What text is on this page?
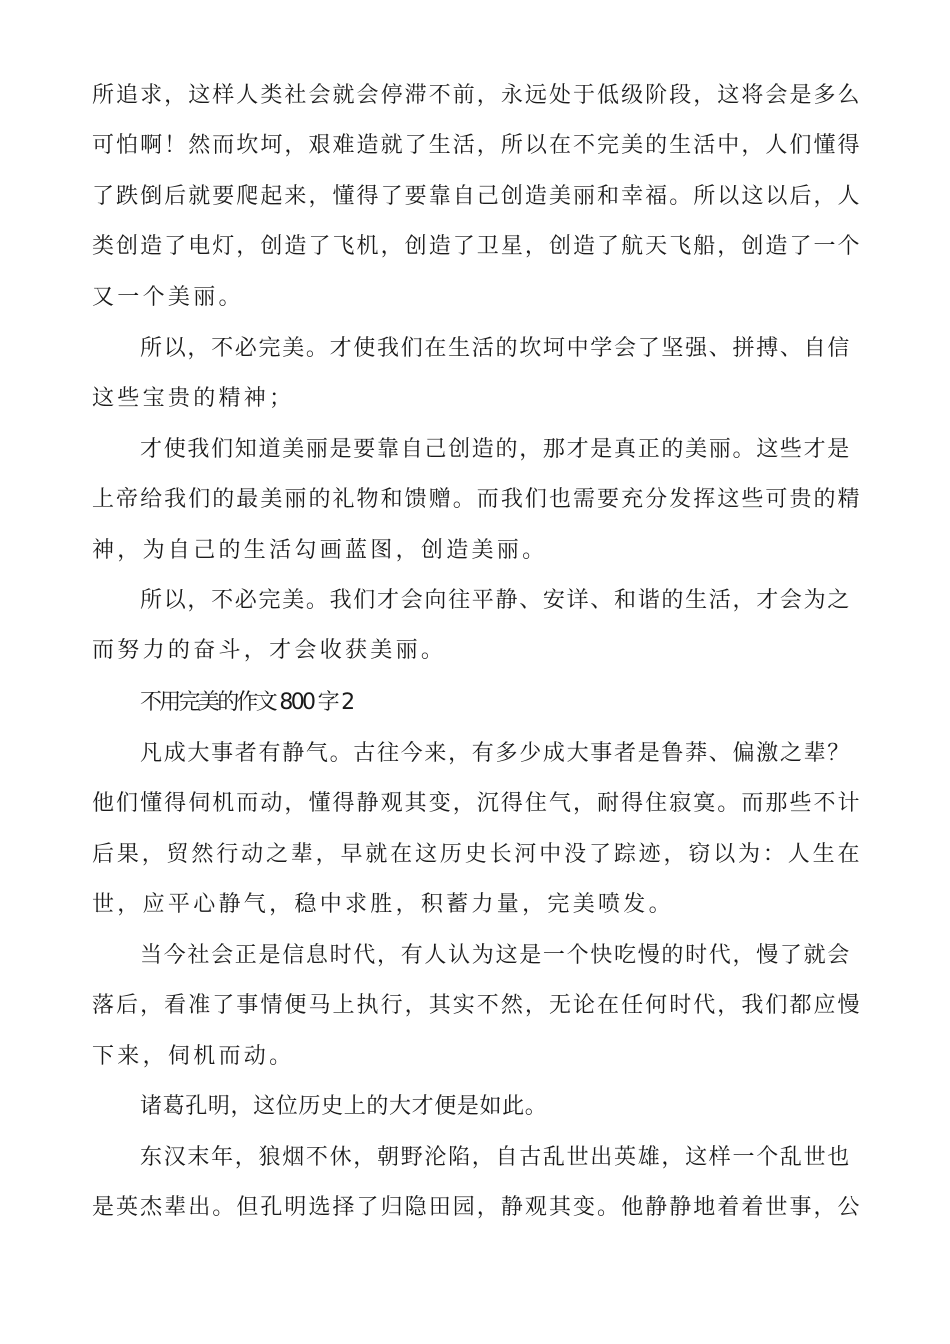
所追求，这样人类社会就会停滞不前，永远处于低级阶段，这将会是多么
可怕啊！然而坎坷，艰难造就了生活，所以在不完美的生活中，人们懂得
了跌倒后就要爬起来，懂得了要靠自己创造美丽和幸福。所以这以后，人
类创造了电灯，创造了飞机，创造了卫星，创造了航天飞船，创造了一个
又一个美丽。
所以，不必完美。才使我们在生活的坎坷中学会了坚强、拼搏、自信
这些宝贵的精神；
才使我们知道美丽是要靠自己创造的，那才是真正的美丽。这些才是
上帝给我们的最美丽的礼物和馈赠。而我们也需要充分发挥这些可贵的精
神，为自己的生活勾画蓝图，创造美丽。
所以，不必完美。我们才会向往平静、安详、和谐的生活，才会为之
而努力的奋斗，才会收获美丽。
不用完美的作文 800 字 2
凡成大事者有静气。古往今来，有多少成大事者是鲁莽、偏激之辈？
他们懂得伺机而动，懂得静观其变，沉得住气，耐得住寂寞。而那些不计
后果，贸然行动之辈，早就在这历史长河中没了踪迹，窃以为：人生在
世，应平心静气，稳中求胜，积蓄力量，完美喷发。
当今社会正是信息时代，有人认为这是一个快吃慢的时代，慢了就会
落后，看准了事情便马上执行，其实不然，无论在任何时代，我们都应慢
下来，伺机而动。
诸葛孔明，这位历史上的大才便是如此。
东汉末年，狼烟不休，朝野沦陷，自古乱世出英雄，这样一个乱世也
是英杰辈出。但孔明选择了归隐田园，静观其变。他静静地着着世事，公
